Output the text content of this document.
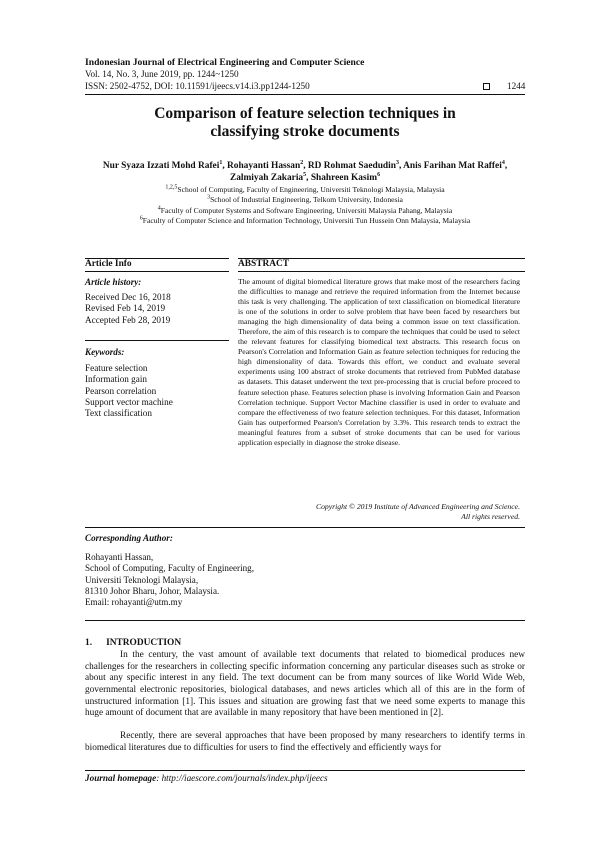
Indonesian Journal of Electrical Engineering and Computer Science
Vol. 14, No. 3, June 2019, pp. 1244~1250
ISSN: 2502-4752, DOI: 10.11591/ijeecs.v14.i3.pp1244-1250	1244
Comparison of feature selection techniques in
classifying stroke documents
Nur Syaza Izzati Mohd Rafei$^1$, Rohayanti Hassan$^2$, RD Rohmat Saedudin$^3$, Anis Farihan Mat Raffei$^4$,
Zalmiyah Zakaria$^5$, Shahreen Kasim$^6$
$^{1,2,5}$School of Computing, Faculty of Engineering, Universiti Teknologi Malaysia, Malaysia
$^3$School of Industrial Engineering, Telkom University, Indonesia
$^4$Faculty of Computer Systems and Software Engineering, Universiti Malaysia Pahang, Malaysia
$^6$Faculty of Computer Science and Information Technology, Universiti Tun Hussein Onn Malaysia, Malaysia
Article Info	ABSTRACT
Article history:
Received Dec 16, 2018
Revised Feb 14, 2019
Accepted Feb 28, 2019
Keywords:
Feature selection
Information gain
Pearson correlation
Support vector machine
Text classification
The amount of digital biomedical literature grows that make most of the researchers facing the difficulties to manage and retrieve the required information from the Internet because this task is very challenging. The application of text classification on biomedical literature is one of the solutions in order to solve problem that have been faced by researchers but managing the high dimensionality of data being a common issue on text classification. Therefore, the aim of this research is to compare the techniques that could be used to select the relevant features for classifying biomedical text abstracts. This research focus on Pearson's Correlation and Information Gain as feature selection techniques for reducing the high dimensionality of data. Towards this effort, we conduct and evaluate several experiments using 100 abstract of stroke documents that retrieved from PubMed database as datasets. This dataset underwent the text pre-processing that is crucial before proceed to feature selection phase. Features selection phase is involving Information Gain and Pearson Correlation technique. Support Vector Machine classifier is used in order to evaluate and compare the effectiveness of two feature selection techniques. For this dataset, Information Gain has outperformed Pearson's Correlation by 3.3%. This research tends to extract the meaningful features from a subset of stroke documents that can be used for various application especially in diagnose the stroke disease.
Copyright © 2019 Institute of Advanced Engineering and Science.
All rights reserved.
Corresponding Author:
Rohayanti Hassan,
School of Computing, Faculty of Engineering,
Universiti Teknologi Malaysia,
81310 Johor Bharu, Johor, Malaysia.
Email: rohayanti@utm.my
1.      INTRODUCTION
In the century, the vast amount of available text documents that related to biomedical produces new challenges for the researchers in collecting specific information concerning any particular diseases such as stroke or about any specific interest in any field. The text document can be from many sources of like World Wide Web, governmental electronic repositories, biological databases, and news articles which all of this are in the form of unstructured information [1]. This issues and situation are growing fast that we need some experts to manage this huge amount of document that are available in many repository that have been mentioned in [2].
Recently, there are several approaches that have been proposed by many researchers to identify terms in biomedical literatures due to difficulties for users to find the effectively and efficiently ways for
Journal homepage: http://iaescore.com/journals/index.php/ijeecs
